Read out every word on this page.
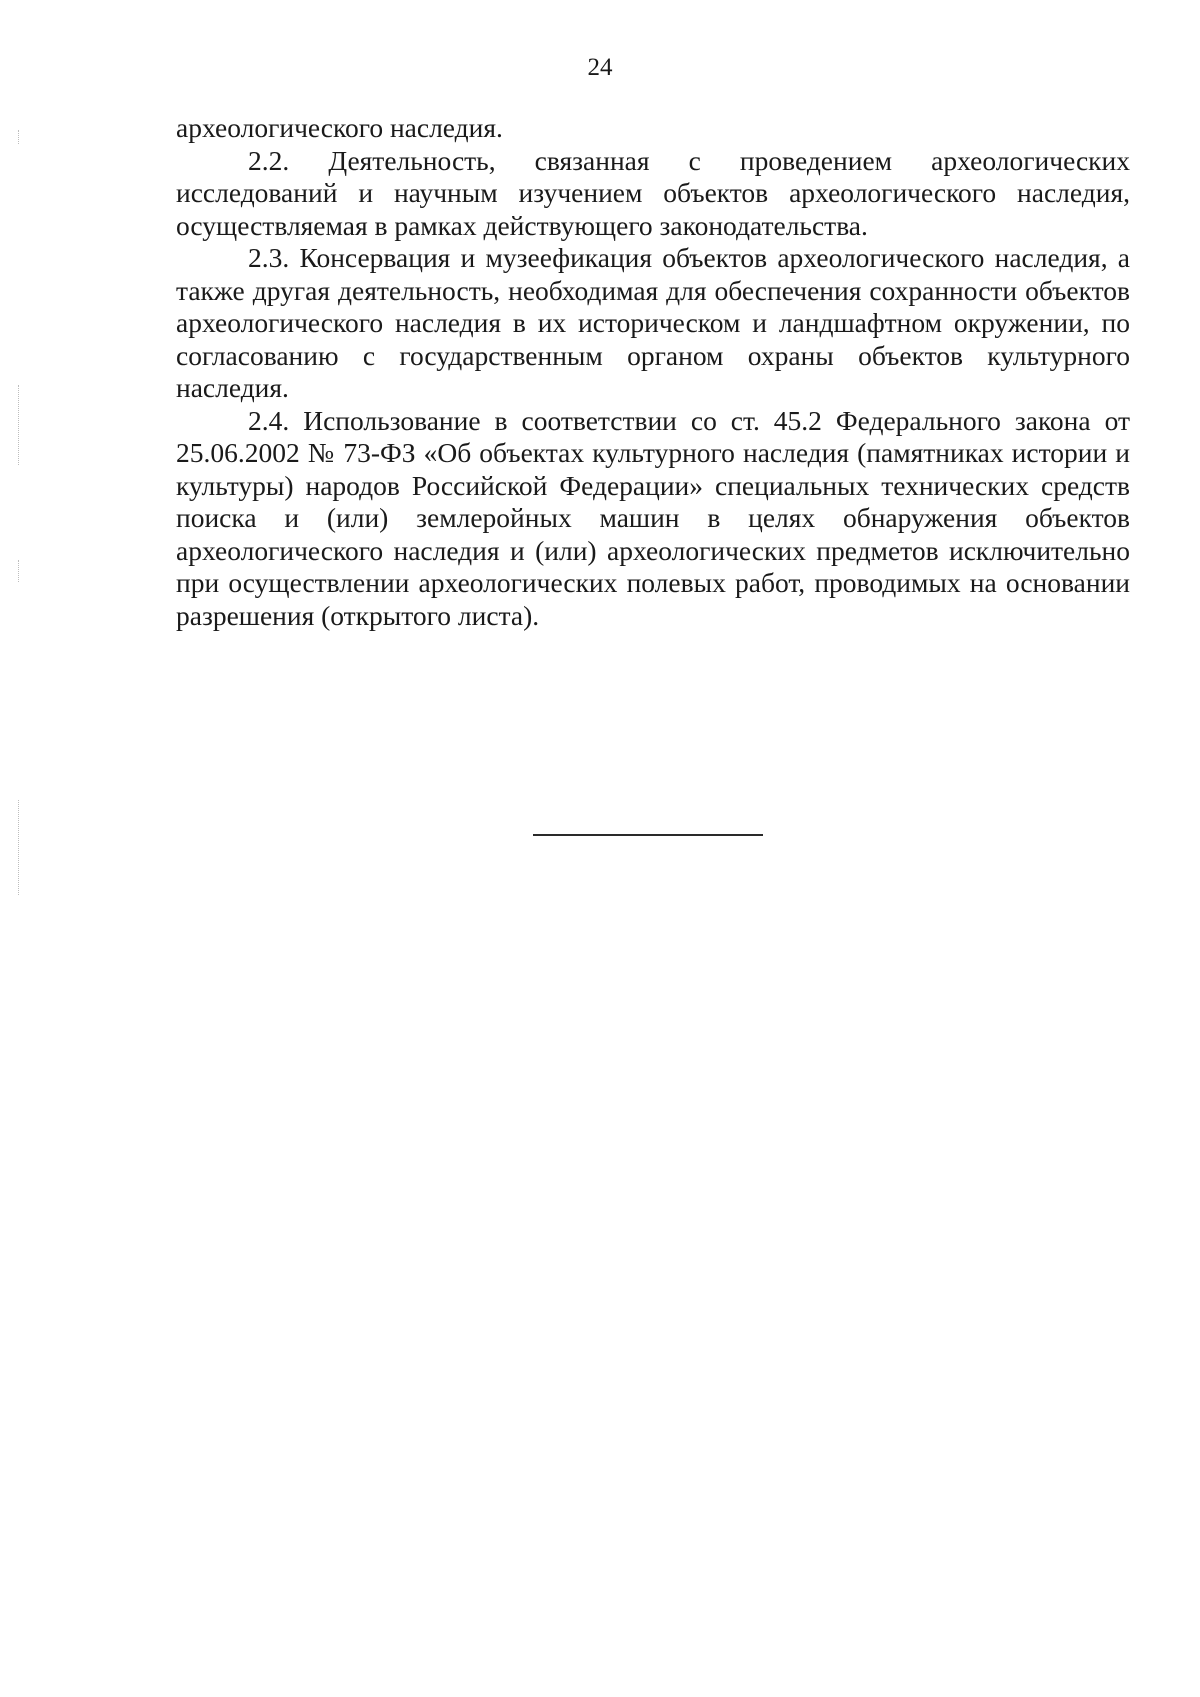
24

археологического наследия.

2.2. Деятельность, связанная с проведением археологических исследований и научным изучением объектов археологического наследия, осуществляемая в рамках действующего законодательства.

2.3. Консервация и музеефикация объектов археологического наследия, а также другая деятельность, необходимая для обеспечения сохранности объектов археологического наследия в их историческом и ландшафтном окружении, по согласованию с государственным органом охраны объектов культурного наследия.

2.4. Использование в соответствии со ст. 45.2 Федерального закона от 25.06.2002 № 73-ФЗ «Об объектах культурного наследия (памятниках истории и культуры) народов Российской Федерации» специальных технических средств поиска и (или) землеройных машин в целях обнаружения объектов археологического наследия и (или) археологических предметов исключительно при осуществлении археологических полевых работ, проводимых на основании разрешения (открытого листа).
